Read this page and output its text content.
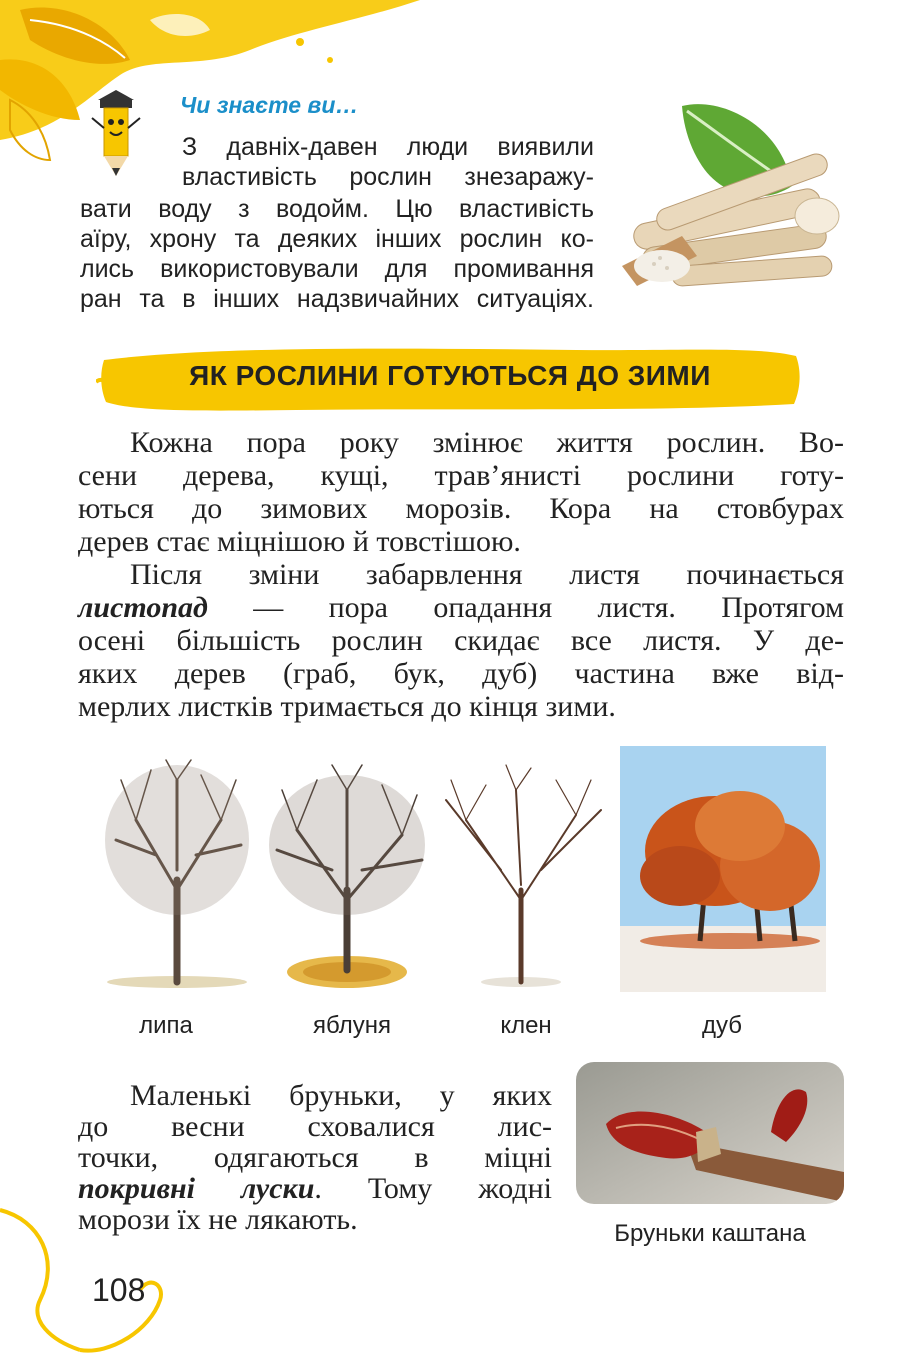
Чи знаєте ви…
З давніх-давен люди виявили
властивість рослин знезаражу-
вати воду з водойм. Цю властивість
аїру, хрону та деяких інших рослин ко-
лись використовували для промивання
ран та в інших надзвичайних ситуаціях.
ЯК РОСЛИНИ ГОТУЮТЬСЯ ДО ЗИМИ
Кожна пора року змінює життя рослин. Во-
сени дерева, кущі, трав’янисті рослини готу-
ються до зимових морозів. Кора на стовбурах
дерев стає міцнішою й товстішою.
Після зміни забарвлення листя починається
листопад — пора опадання листя. Протягом
осені більшість рослин скидає все листя. У де-
яких дерев (граб, бук, дуб) частина вже від-
мерлих листків тримається до кінця зими.
липа	яблуня	клен	дуб
Маленькі бруньки, у яких
до весни сховалися лис-
точки, одягаються в міцні
покривні луски. Тому жодні
морози їх не лякають.	Бруньки каштана
108
